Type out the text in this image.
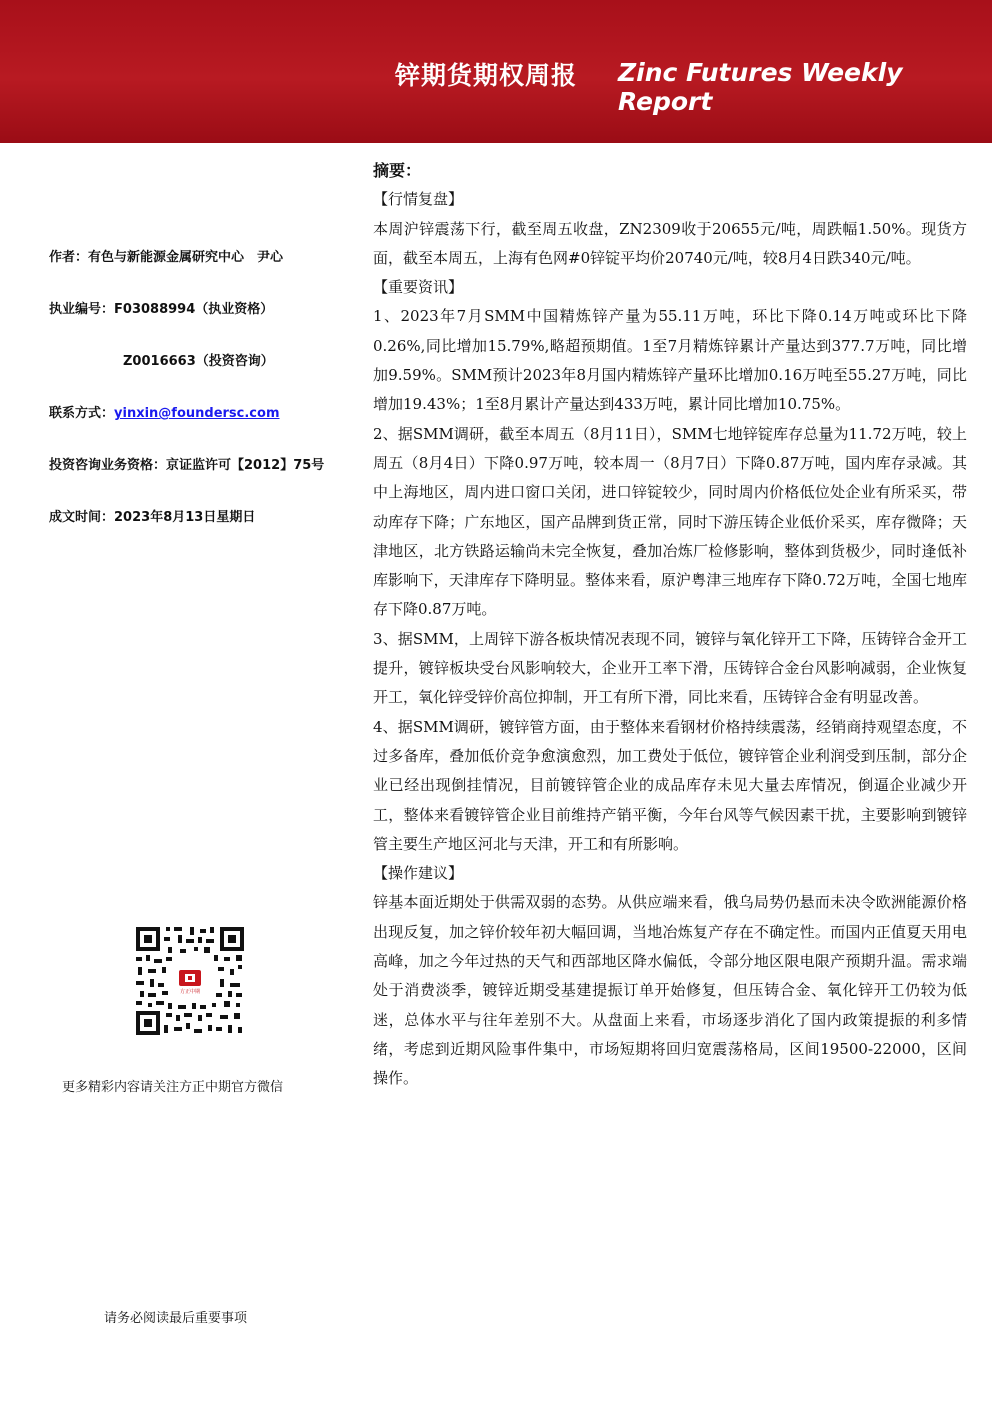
锌期货期权周报 Zinc Futures Weekly Report
作者：有色与新能源金属研究中心　尹心
执业编号：F03088994（执业资格）
Z0016663（投资咨询）
联系方式：yinxin@foundersc.com
投资咨询业务资格：京证监许可【2012】75号
成文时间：2023年8月13日星期日
方正中期
更多精彩内容请关注方正中期官方微信
请务必阅读最后重要事项

摘要：

【行情复盘】

本周沪锌震荡下行，截至周五收盘，ZN2309收于20655元/吨，周跌幅1.50%。现货方面，截至本周五，上海有色网#0锌锭平均价20740元/吨，较8月4日跌340元/吨。

【重要资讯】

1、2023年7月SMM中国精炼锌产量为55.11万吨，环比下降0.14万吨或环比下降0.26%,同比增加15.79%,略超预期值。1至7月精炼锌累计产量达到377.7万吨，同比增加9.59%。SMM预计2023年8月国内精炼锌产量环比增加0.16万吨至55.27万吨，同比增加19.43%；1至8月累计产量达到433万吨，累计同比增加10.75%。

2、据SMM调研，截至本周五（8月11日），SMM七地锌锭库存总量为11.72万吨，较上周五（8月4日）下降0.97万吨，较本周一（8月7日）下降0.87万吨，国内库存录减。其中上海地区，周内进口窗口关闭，进口锌锭较少，同时周内价格低位处企业有所采买，带动库存下降；广东地区，国产品牌到货正常，同时下游压铸企业低价采买，库存微降；天津地区，北方铁路运输尚未完全恢复，叠加冶炼厂检修影响，整体到货极少，同时逢低补库影响下，天津库存下降明显。整体来看，原沪粤津三地库存下降0.72万吨，全国七地库存下降0.87万吨。

3、据SMM，上周锌下游各板块情况表现不同，镀锌与氧化锌开工下降，压铸锌合金开工提升，镀锌板块受台风影响较大，企业开工率下滑，压铸锌合金台风影响减弱，企业恢复开工，氧化锌受锌价高位抑制，开工有所下滑，同比来看，压铸锌合金有明显改善。

4、据SMM调研，镀锌管方面，由于整体来看钢材价格持续震荡，经销商持观望态度，不过多备库，叠加低价竞争愈演愈烈，加工费处于低位，镀锌管企业利润受到压制，部分企业已经出现倒挂情况，目前镀锌管企业的成品库存未见大量去库情况，倒逼企业减少开工，整体来看镀锌管企业目前维持产销平衡，今年台风等气候因素干扰，主要影响到镀锌管主要生产地区河北与天津，开工和有所影响。

【操作建议】

锌基本面近期处于供需双弱的态势。从供应端来看，俄乌局势仍悬而未决令欧洲能源价格出现反复，加之锌价较年初大幅回调，当地冶炼复产存在不确定性。而国内正值夏天用电高峰，加之今年过热的天气和西部地区降水偏低，令部分地区限电限产预期升温。需求端处于消费淡季，镀锌近期受基建提振订单开始修复，但压铸合金、氧化锌开工仍较为低迷，总体水平与往年差别不大。从盘面上来看，市场逐步消化了国内政策提振的利多情绪，考虑到近期风险事件集中，市场短期将回归宽震荡格局，区间19500-22000，区间操作。
